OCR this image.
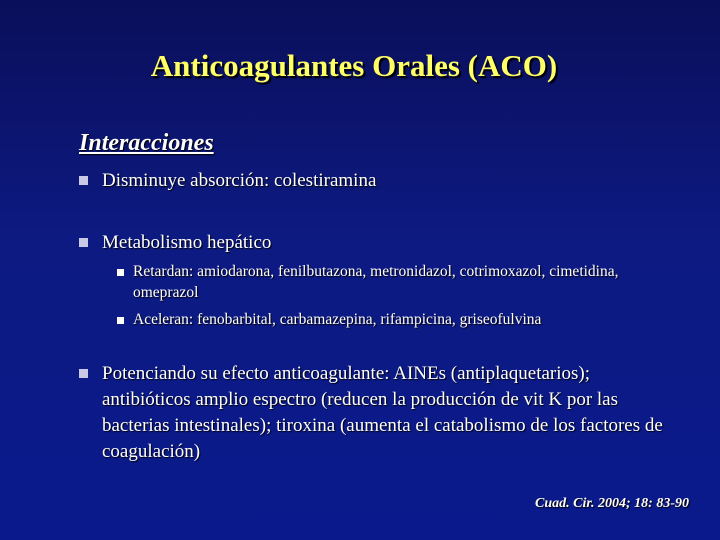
Anticoagulantes Orales (ACO)
Interacciones
Disminuye absorción: colestiramina
Metabolismo hepático
Retardan: amiodarona, fenilbutazona, metronidazol, cotrimoxazol, cimetidina, omeprazol
Aceleran: fenobarbital, carbamazepina, rifampicina, griseofulvina
Potenciando su efecto anticoagulante: AINEs (antiplaquetarios); antibióticos amplio espectro (reducen la producción de vit K por las bacterias intestinales); tiroxina (aumenta el catabolismo de los factores de coagulación)
Cuad. Cir. 2004; 18: 83-90
